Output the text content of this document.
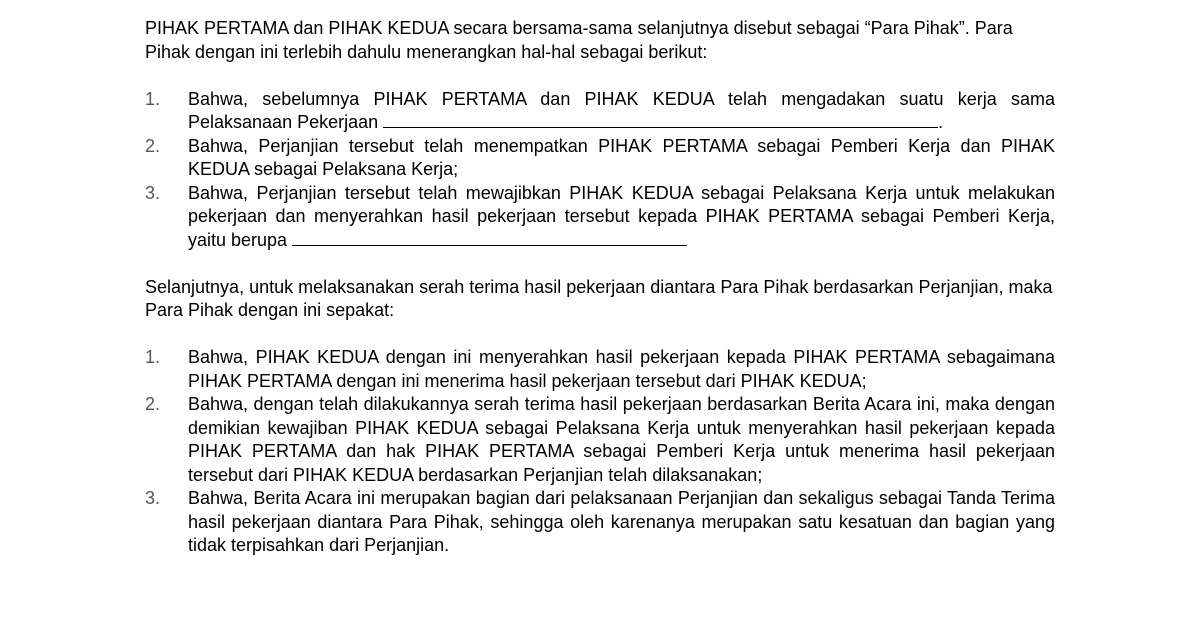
PIHAK PERTAMA dan PIHAK KEDUA secara bersama-sama selanjutnya disebut sebagai “Para Pihak”. Para Pihak dengan ini terlebih dahulu menerangkan hal-hal sebagai berikut:

1. Bahwa, sebelumnya PIHAK PERTAMA dan PIHAK KEDUA telah mengadakan suatu kerja sama Pelaksanaan Pekerjaan	.
2. Bahwa, Perjanjian tersebut telah menempatkan PIHAK PERTAMA sebagai Pemberi Kerja dan PIHAK KEDUA sebagai Pelaksana Kerja;
3. Bahwa, Perjanjian tersebut telah mewajibkan PIHAK KEDUA sebagai Pelaksana Kerja untuk melakukan pekerjaan dan menyerahkan hasil pekerjaan tersebut kepada PIHAK PERTAMA sebagai Pemberi Kerja, yaitu berupa

Selanjutnya, untuk melaksanakan serah terima hasil pekerjaan diantara Para Pihak berdasarkan Perjanjian, maka Para Pihak dengan ini sepakat:

1. Bahwa, PIHAK KEDUA dengan ini menyerahkan hasil pekerjaan kepada PIHAK PERTAMA sebagaimana PIHAK PERTAMA dengan ini menerima hasil pekerjaan tersebut dari PIHAK KEDUA;
2. Bahwa, dengan telah dilakukannya serah terima hasil pekerjaan berdasarkan Berita Acara ini, maka dengan demikian kewajiban PIHAK KEDUA sebagai Pelaksana Kerja untuk menyerahkan hasil pekerjaan kepada PIHAK PERTAMA dan hak PIHAK PERTAMA sebagai Pemberi Kerja untuk menerima hasil pekerjaan tersebut dari PIHAK KEDUA berdasarkan Perjanjian telah dilaksanakan;
3. Bahwa, Berita Acara ini merupakan bagian dari pelaksanaan Perjanjian dan sekaligus sebagai Tanda Terima hasil pekerjaan diantara Para Pihak, sehingga oleh karenanya merupakan satu kesatuan dan bagian yang tidak terpisahkan dari Perjanjian.
